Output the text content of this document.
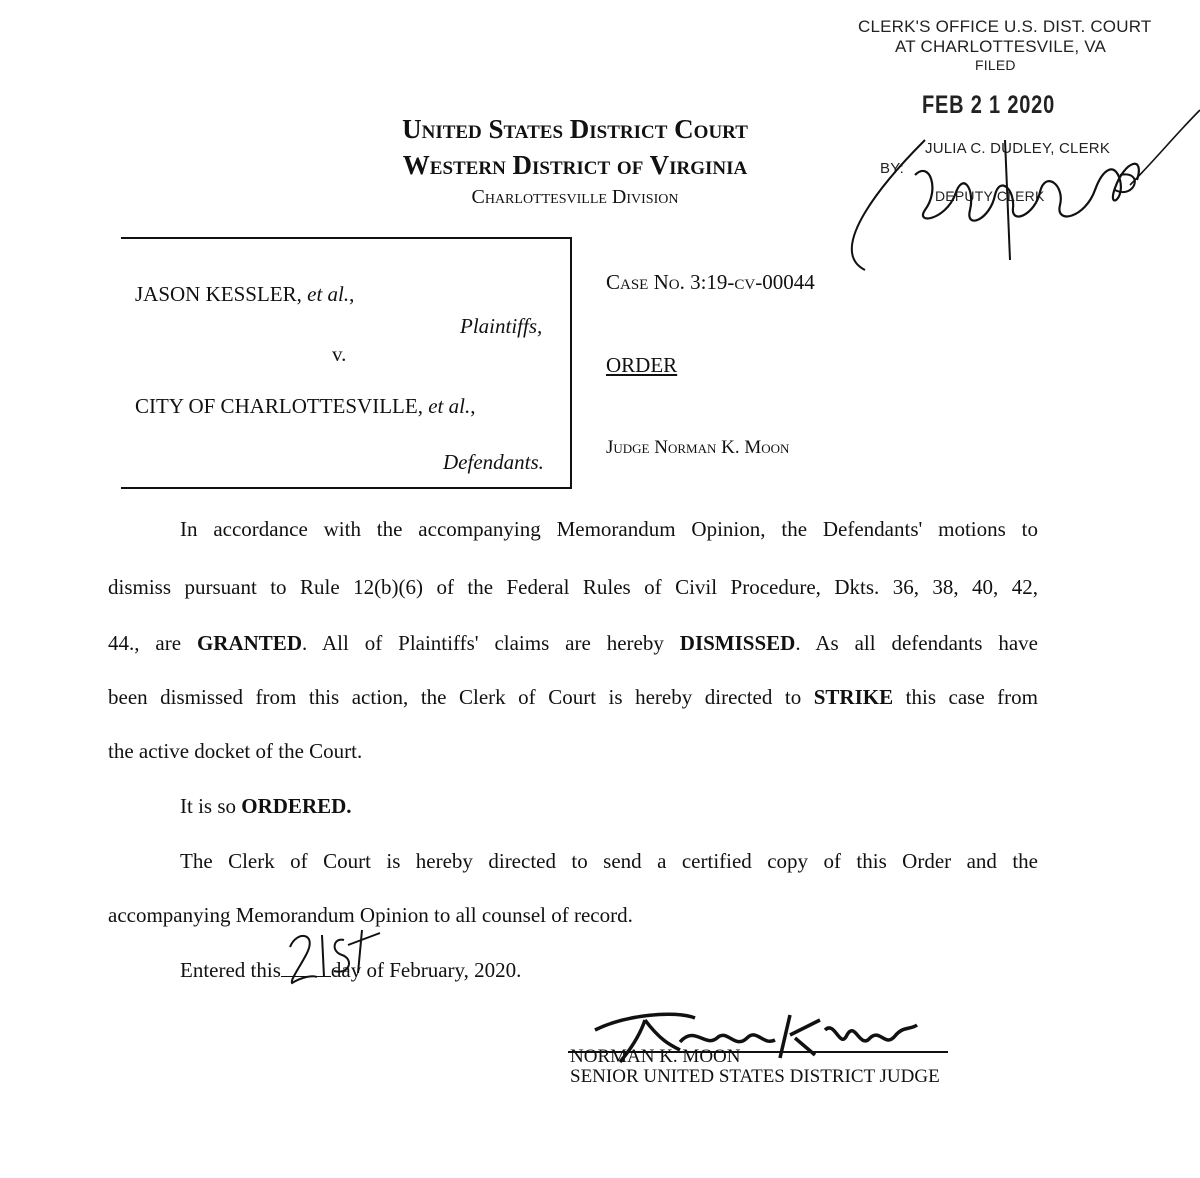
CLERK'S OFFICE U.S. DIST. COURT
AT CHARLOTTESVILE, VA
FILED
FEB 2 1 2020
JULIA C. DUDLEY, CLERK
BY:
DEPUTY CLERK
United States District Court
Western District of Virginia
Charlottesville Division
JASON KESSLER, et al.,
Plaintiffs,
v.
CITY OF CHARLOTTESVILLE, et al.,
Defendants.
Case No. 3:19-cv-00044
ORDER
Judge Norman K. Moon
In accordance with the accompanying Memorandum Opinion, the Defendants' motions to
dismiss pursuant to Rule 12(b)(6) of the Federal Rules of Civil Procedure, Dkts. 36, 38, 40, 42,
44., are GRANTED. All of Plaintiffs' claims are hereby DISMISSED. As all defendants have
been dismissed from this action, the Clerk of Court is hereby directed to STRIKE this case from
the active docket of the Court.
It is so ORDERED.
The Clerk of Court is hereby directed to send a certified copy of this Order and the
accompanying Memorandum Opinion to all counsel of record.
Entered this day of February, 2020.
NORMAN K. MOON
SENIOR UNITED STATES DISTRICT JUDGE
